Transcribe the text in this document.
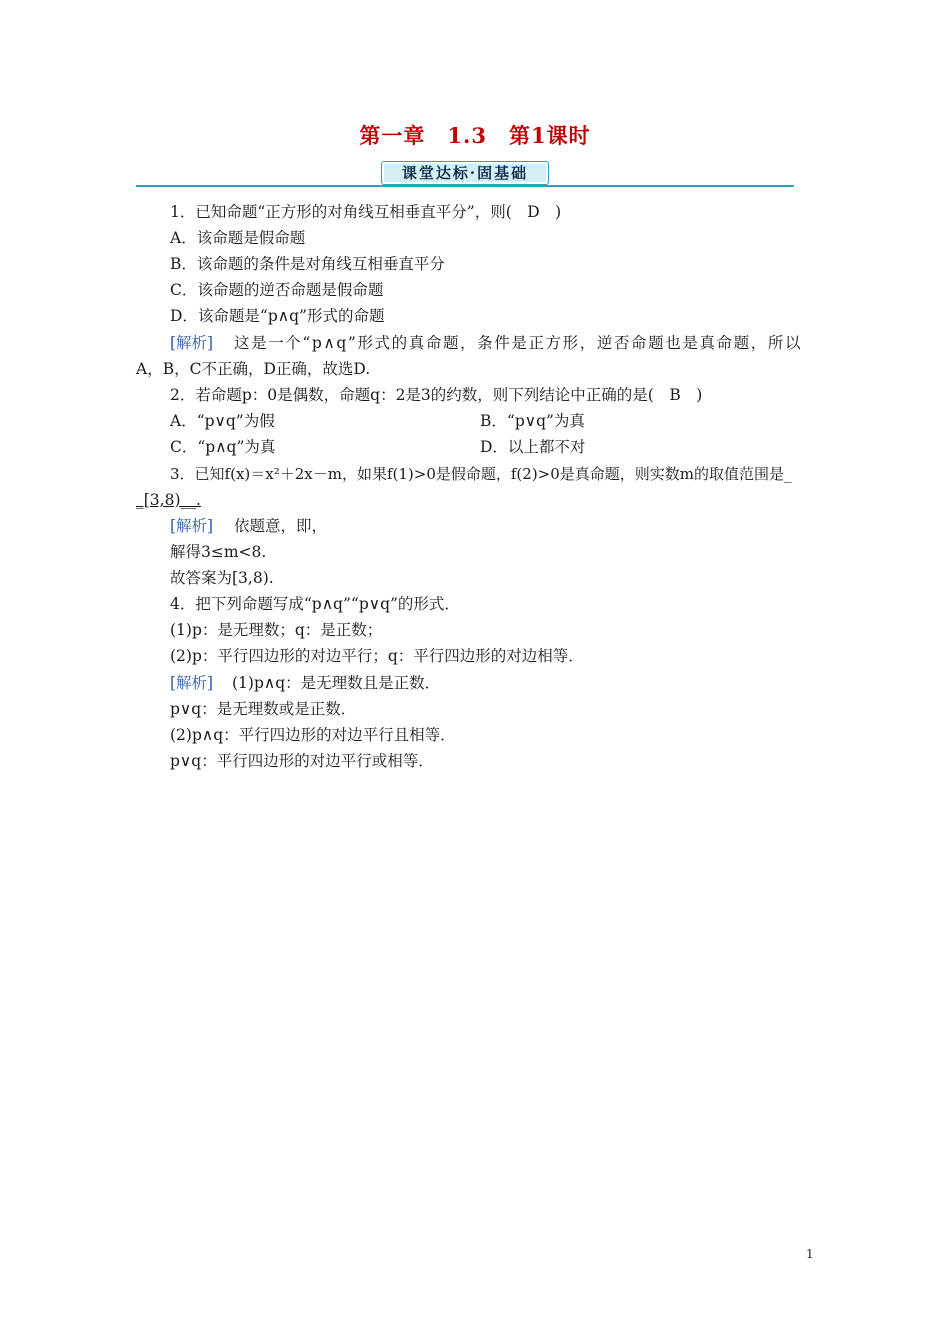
第一章　1.3　第1课时
课堂达标·固基础
1．已知命题“正方形的对角线互相垂直平分”，则(　D　)
A．该命题是假命题
B．该命题的条件是对角线互相垂直平分
C．该命题的逆否命题是假命题
D．该命题是“p∧q”形式的命题
[解析] 这是一个“p∧q”形式的真命题，条件是正方形，逆否命题也是真命题，所以
A，B，C不正确，D正确，故选D.
2．若命题p：0是偶数，命题q：2是3的约数，则下列结论中正确的是(　B　)
A．“p∨q”为假	B．“p∨q”为真
C．“p∧q”为真	D．以上都不对
3．已知f(x)＝x²＋2x－m，如果f(1)>0是假命题，f(2)>0是真命题，则实数m的取值范围是_
_[3,8)__.
[解析] 依题意，即，
解得3≤m<8.
故答案为[3,8).
4．把下列命题写成“p∧q”“p∨q”的形式．
(1)p：是无理数；q：是正数；
(2)p：平行四边形的对边平行；q：平行四边形的对边相等．
[解析] (1)p∧q：是无理数且是正数．
p∨q：是无理数或是正数．
(2)p∧q：平行四边形的对边平行且相等．
p∨q：平行四边形的对边平行或相等．
1
